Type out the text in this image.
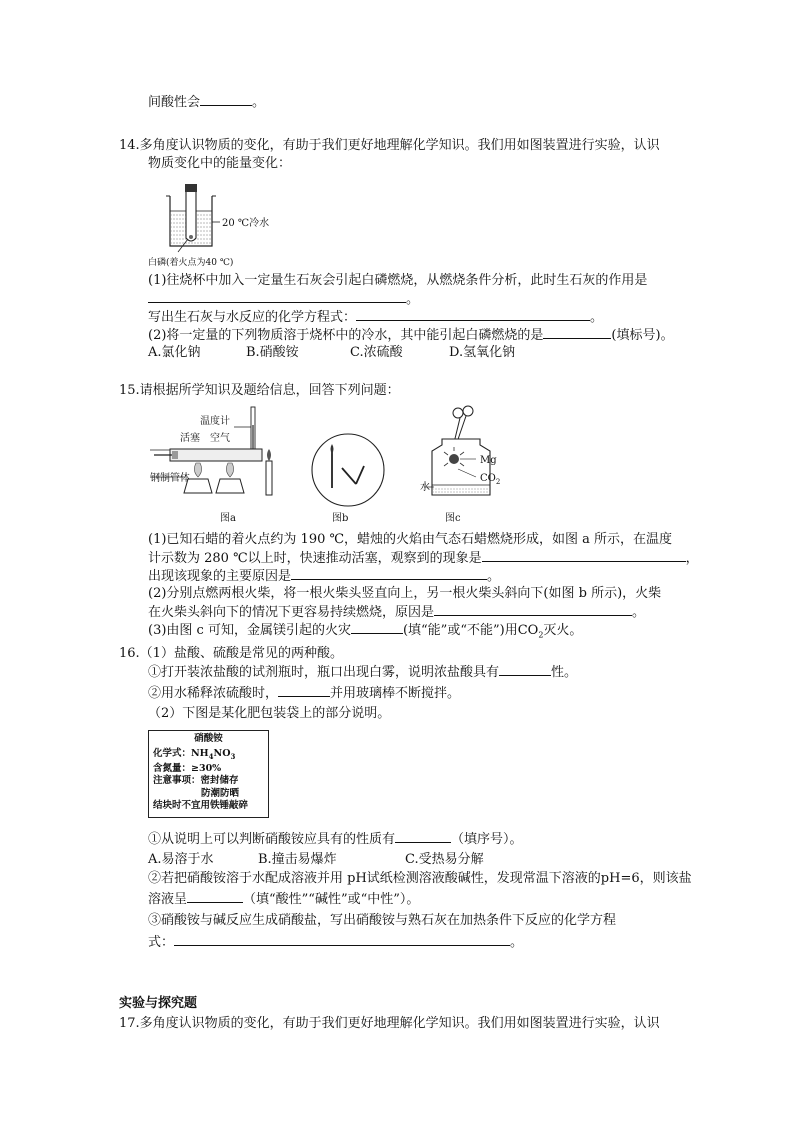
间酸性会	。
14.多角度认识物质的变化，有助于我们更好地理解化学知识。我们用如图装置进行实验，认识
物质变化中的能量变化：
20 ℃冷水
白磷(着火点为40 ℃)
(1)往烧杯中加入一定量生石灰会引起白磷燃烧，从燃烧条件分析，此时生石灰的作用是
。
写出生石灰与水反应的化学方程式：	。
(2)将一定量的下列物质溶于烧杯中的冷水，其中能引起白磷燃烧的是	(填标号)。
A.氯化钠	B.硝酸铵	C.浓硫酸	D.氢氧化钠
15.请根据所学知识及题给信息，回答下列问题：
温度计
活塞 空气
钢制管体
图a	图b
Mg
$CO_2$
水
图c
(1)已知石蜡的着火点约为 190 ℃，蜡烛的火焰由气态石蜡燃烧形成，如图 a 所示，在温度
计示数为 280 ℃以上时，快速推动活塞，观察到的现象是	，
出现该现象的主要原因是	。
(2)分别点燃两根火柴，将一根火柴头竖直向上，另一根火柴头斜向下(如图 b 所示)，火柴
在火柴头斜向下的情况下更容易持续燃烧，原因是	。
(3)由图 c 可知，金属镁引起的火灾	(填“能”或“不能”)用$CO_2$灭火。
16.（1）盐酸、硫酸是常见的两种酸。
①打开装浓盐酸的试剂瓶时，瓶口出现白雾，说明浓盐酸具有	性。
②用水稀释浓硫酸时，	并用玻璃棒不断搅拌。
（2）下图是某化肥包装袋上的部分说明。
硝酸铵
化学式：$NH_4NO_3$
含氮量：≥30%
注意事项：密封储存
防潮防晒
结块时不宜用铁锤敲碎
①从说明上可以判断硝酸铵应具有的性质有	（填序号）。
A.易溶于水	B.撞击易爆炸	C.受热易分解
②若把硝酸铵溶于水配成溶液并用 pH试纸检测溶液酸碱性，发现常温下溶液的pH=6，则该盐
溶液呈	（填“酸性”“碱性”或“中性”）。
③硝酸铵与碱反应生成硝酸盐，写出硝酸铵与熟石灰在加热条件下反应的化学方程
式：	。
实验与探究题
17.多角度认识物质的变化，有助于我们更好地理解化学知识。我们用如图装置进行实验，认识
